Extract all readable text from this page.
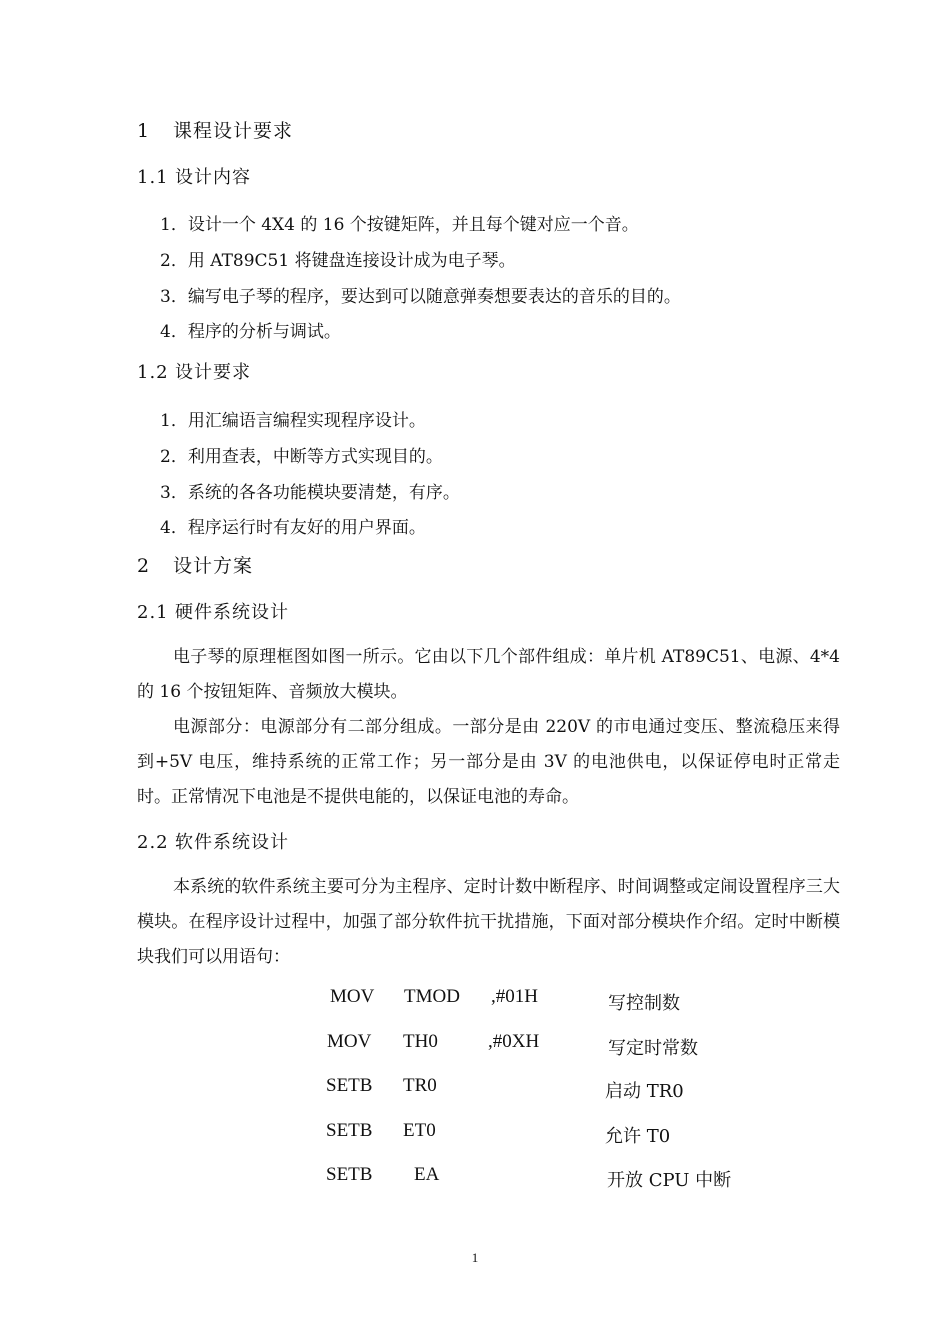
1 课程设计要求
1.1 设计内容
1．设计一个 4X4 的 16 个按键矩阵，并且每个键对应一个音。
2．用 AT89C51 将键盘连接设计成为电子琴。
3．编写电子琴的程序，要达到可以随意弹奏想要表达的音乐的目的。
4．程序的分析与调试。
1.2 设计要求
1．用汇编语言编程实现程序设计。
2．利用查表，中断等方式实现目的。
3．系统的各各功能模块要清楚，有序。
4．程序运行时有友好的用户界面。
2 设计方案
2.1 硬件系统设计

电子琴的原理框图如图一所示。它由以下几个部件组成：单片机 AT89C51、电源、4*4 的 16 个按钮矩阵、音频放大模块。

电源部分：电源部分有二部分组成。一部分是由 220V 的市电通过变压、整流稳压来得到+5V 电压，维持系统的正常工作；另一部分是由 3V 的电池供电，以保证停电时正常走时。正常情况下电池是不提供电能的，以保证电池的寿命。

2.2 软件系统设计

本系统的软件系统主要可分为主程序、定时计数中断程序、时间调整或定闹设置程序三大模块。在程序设计过程中，加强了部分软件抗干扰措施，下面对部分模块作介绍。定时中断模块我们可以用语句：

MOV TMOD ,#01H	写控制数
MOV TH0	,#0XH	写定时常数
SETB TR0	启动 TR0
SETB ET0	允许 T0
SETB EA	开放 CPU 中断
1
